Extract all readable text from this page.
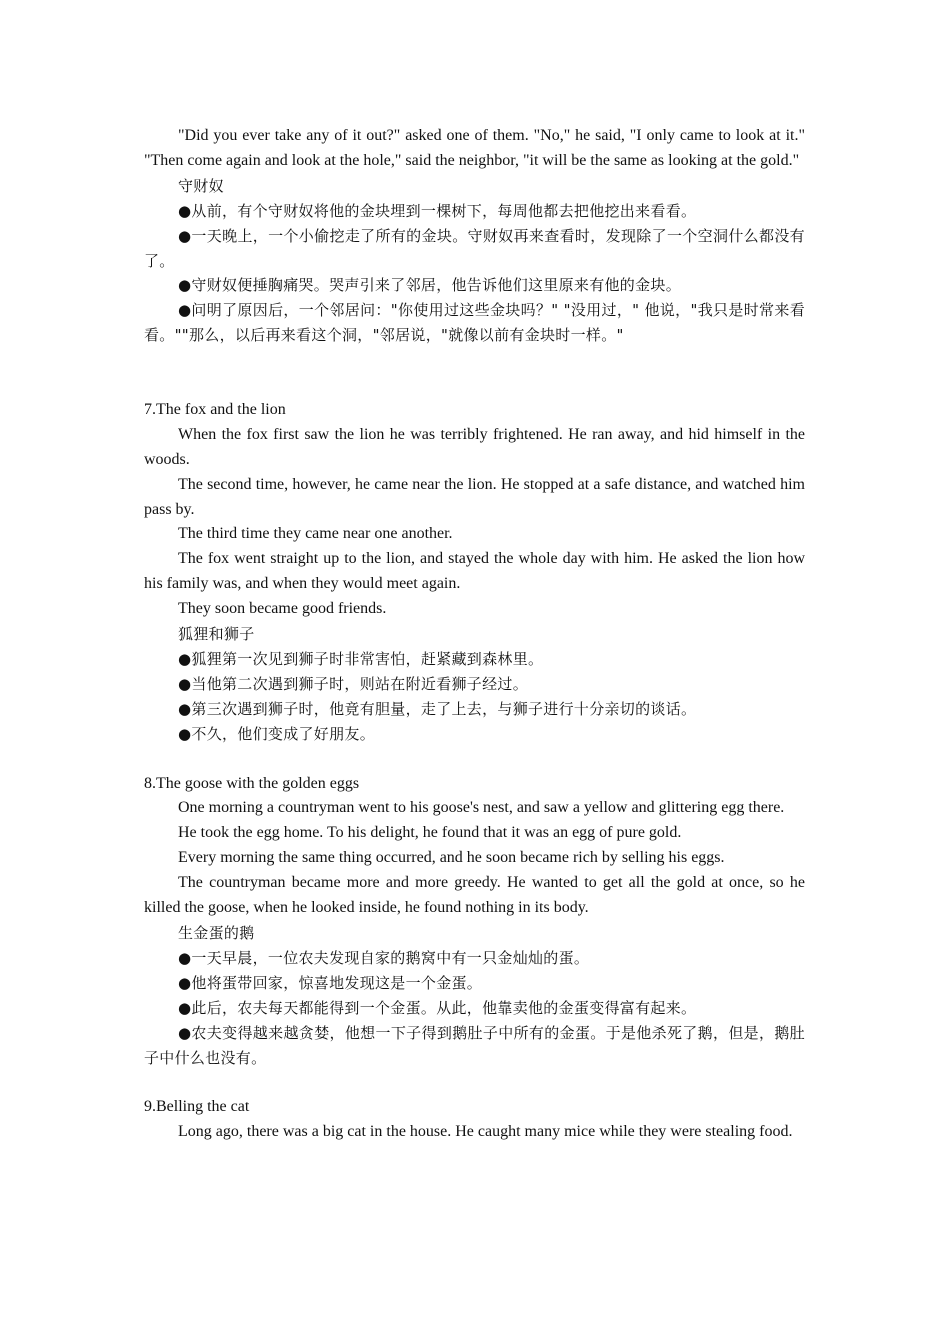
"Did you ever take any of it out?" asked one of them. "No," he said, "I only came to look at it." "Then come again and look at the hole," said the neighbor, "it will be the same as looking at the gold."

守财奴

●从前，有个守财奴将他的金块埋到一棵树下，每周他都去把他挖出来看看。

●一天晚上，一个小偷挖走了所有的金块。守财奴再来查看时，发现除了一个空洞什么都没有了。

●守财奴便捶胸痛哭。哭声引来了邻居，他告诉他们这里原来有他的金块。

●问明了原因后，一个邻居问："你使用过这些金块吗？" "没用过，" 他说，"我只是时常来看看。""那么，以后再来看这个洞，"邻居说，"就像以前有金块时一样。"

7.The fox and the lion

When the fox first saw the lion he was terribly frightened. He ran away, and hid himself in the woods.

The second time, however, he came near the lion. He stopped at a safe distance, and watched him pass by.

The third time they came near one another.

The fox went straight up to the lion, and stayed the whole day with him. He asked the lion how his family was, and when they would meet again.

They soon became good friends.

狐狸和狮子

●狐狸第一次见到狮子时非常害怕，赶紧藏到森林里。

●当他第二次遇到狮子时，则站在附近看狮子经过。

●第三次遇到狮子时，他竟有胆量，走了上去，与狮子进行十分亲切的谈话。

●不久，他们变成了好朋友。

8.The goose with the golden eggs

One morning a countryman went to his goose's nest, and saw a yellow and glittering egg there.

He took the egg home. To his delight, he found that it was an egg of pure gold.

Every morning the same thing occurred, and he soon became rich by selling his eggs.

The countryman became more and more greedy. He wanted to get all the gold at once, so he killed the goose, when he looked inside, he found nothing in its body.

生金蛋的鹅

●一天早晨，一位农夫发现自家的鹅窝中有一只金灿灿的蛋。

●他将蛋带回家，惊喜地发现这是一个金蛋。

●此后，农夫每天都能得到一个金蛋。从此，他靠卖他的金蛋变得富有起来。

●农夫变得越来越贪婪，他想一下子得到鹅肚子中所有的金蛋。于是他杀死了鹅，但是，鹅肚子中什么也没有。

9.Belling the cat

Long ago, there was a big cat in the house. He caught many mice while they were stealing food.
